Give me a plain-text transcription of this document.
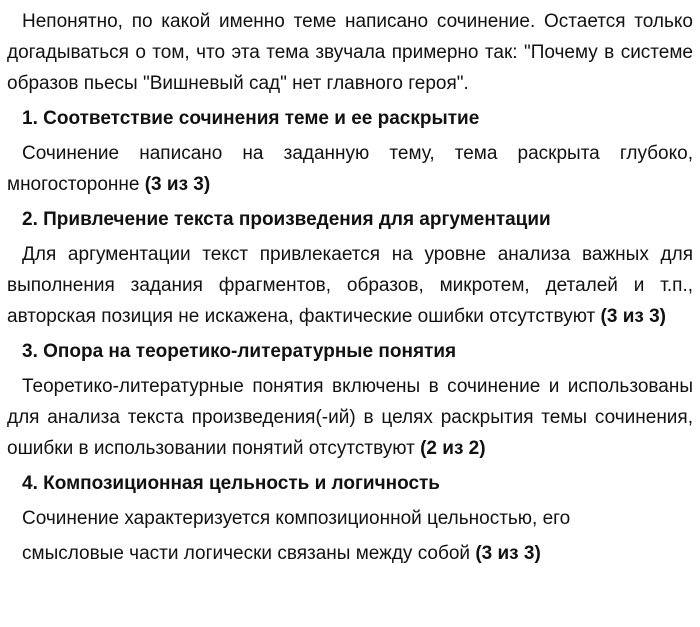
Непонятно, по какой именно теме написано сочинение. Остается только догадываться о том, что эта тема звучала примерно так: "Почему в системе образов пьесы "Вишневый сад" нет главного героя".

1. Соответствие сочинения теме и ее раскрытие

Сочинение написано на заданную тему, тема раскрыта глубоко, многосторонне (3 из 3)

2. Привлечение текста произведения для аргументации

Для аргументации текст привлекается на уровне анализа важных для выполнения задания фрагментов, образов, микротем, деталей и т.п., авторская позиция не искажена, фактические ошибки отсутствуют (3 из 3)

3. Опора на теоретико-литературные понятия

Теоретико-литературные понятия включены в сочинение и использованы для анализа текста произведения(-ий) в целях раскрытия темы сочинения, ошибки в использовании понятий отсутствуют (2 из 2)

4. Композиционная цельность и логичность

Сочинение характеризуется композиционной цельностью, его

смысловые части логически связаны между собой (3 из 3)
